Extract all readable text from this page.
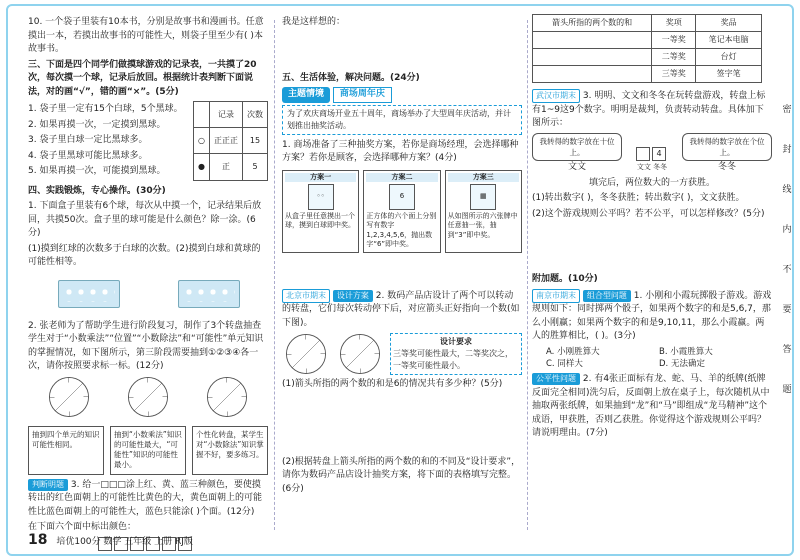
10. 一个袋子里装有10本书，分别是故事书和漫画书。任意摸出一本，若摸出故事书的可能性大，则袋子里至少有( )本故事书。

三、下面是四个同学们做摸球游戏的记录表，一共摸了20次，每次摸一个球，记录后放回。根据统计表判断下面说法，对的画“√”，错的画“×”。(5分)

1. 袋子里一定有15个白球，5个黑球。

2. 如果再摸一次，一定摸到黑球。

3. 袋子里白球一定比黑球多。

4. 袋子里黑球可能比黑球多。

5. 如果再摸一次，可能摸到黑球。

	记录	次数
○	正正正	15
●	正	5

四、实践锻炼，专心操作。(30分)

1. 下面盒子里装有6个球，每次从中摸一个，记录结果后放回，共摸50次。盒子里的球可能是什么颜色？除一涂。(6分)

(1)摸到红球的次数多于白球的次数。(2)摸到白球和黄球的可能性相等。

2. 张老师为了帮助学生进行阶段复习，制作了3个转盘抽查学生对于“小数乘法”“位置”“小数除法”和“可能性”单元知识的掌握情况，如下图所示，第三阶段需要抽到①②③④各一次，请你按照要求标一标。(12分)

抽到四个单元的知识可能性相同。
抽到“小数乘法”知识的可能性最大，“可能性”知识的可能性最小。
个性化转盘，某学生对“小数除法”知识掌握不好，要多练习。

判断明题 3. 给一□□□涂上红、黄、蓝三种颜色，要使摸转出的红色面朝上的可能性比黄色的大，黄色面朝上的可能性比蓝色面朝上的可能性大，蓝色只能涂( )个面。(12分)

在下面六个面中标出颜色：

我是这样想的：

五、生活体验，解决问题。(24分)

主题情境 商场周年庆
为了欢庆商场开业五十周年，商场举办了大型周年庆活动，并计划推出抽奖活动。

1. 商场准备了三种抽奖方案，若你是商场经理，会选择哪种方案？若你是顾客，会选择哪种方案？(4分)

方案一
◦◦
从盒子里任意摸出一个球，摸到白球即中奖。
方案二
6
正方体的六个面上分别写有数字1,2,3,4,5,6，抛出数字“6”即中奖。
方案三
▦
从如图所示的六张牌中任意抽一张，抽到“3”即中奖。

北京市期末 设计方案 2. 数码产品店设计了两个可以转动的转盘，它们每次转动停下后，对应箭头正好指向一个数(如下图)。

设计要求
三等奖可能性最大，二等奖次之，一等奖可能性最小。

(1)箭头所指的两个数的和是6的情况共有多少种？(5分)

(2)根据转盘上箭头所指的两个数的和的不同及“设计要求”，请你为数码产品店设计抽奖方案，将下面的表格填写完整。(6分)

箭头所指的两个数的和	奖项	奖品
	一等奖	笔记本电脑
	二等奖	台灯
	三等奖	签字笔

武汉市期末 3. 明明、文文和冬冬在玩转盘游戏，转盘上标有1~9这9个数字。明明是裁判，负责转动转盘。具体加下图所示：

我转得的数字放在十位上。
文文
4
文文 冬冬
我转得的数字放在个位上。
冬冬

填完后，两位数大的一方获胜。

(1)转出数字( )，冬冬获胜；转出数字( )，文文获胜。

(2)这个游戏规则公平吗？若不公平，可以怎样修改？(5分)

附加题。(10分)

南京市期末 组合型问题 1. 小刚和小霞玩掷骰子游戏。游戏规则如下：同时掷两个骰子，如果两个数字的和是5,6,7，那么小刚赢；如果两个数字的和是9,10,11，那么小霞赢。两人的胜算相比，( )。(3分)

A. 小刚胜算大	B. 小霞胜算大
C. 同样大	D. 无法确定

公平性问题 2. 有4张正面标有龙、蛇、马、羊的纸牌(纸牌反面完全相同)洗匀后，反面朝上放在桌子上，每次随机从中抽取两张纸牌，如果抽到“龙”和“马”即组成“龙马精神”这个成语，甲获胜，否则乙获胜。你觉得这个游戏规则公平吗？请说明理由。(7分)

密
封
线
内
不
要
答
题
18 培优100分 数学 五年级 上册 RJ版
